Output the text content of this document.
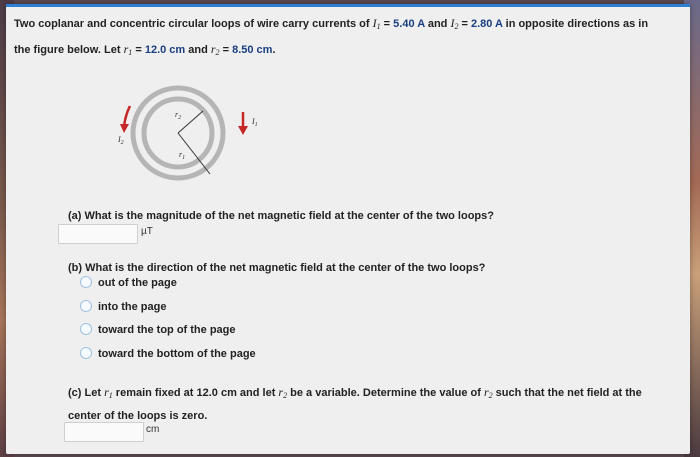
Two coplanar and concentric circular loops of wire carry currents of $I_1 = 5.40$ A and $I_2 = 2.80$ A in opposite directions as in
the figure below. Let $r_1 = 12.0$ cm and $r_2 = 8.50$ cm.
$r_2$
$r_1$
$I_2$
$I_1$
(a) What is the magnitude of the net magnetic field at the center of the two loops?
µT
(b) What is the direction of the net magnetic field at the center of the two loops?
out of the page
into the page
toward the top of the page
toward the bottom of the page
(c) Let $r_1$ remain fixed at 12.0 cm and let $r_2$ be a variable. Determine the value of $r_2$ such that the net field at the
center of the loops is zero.
cm
